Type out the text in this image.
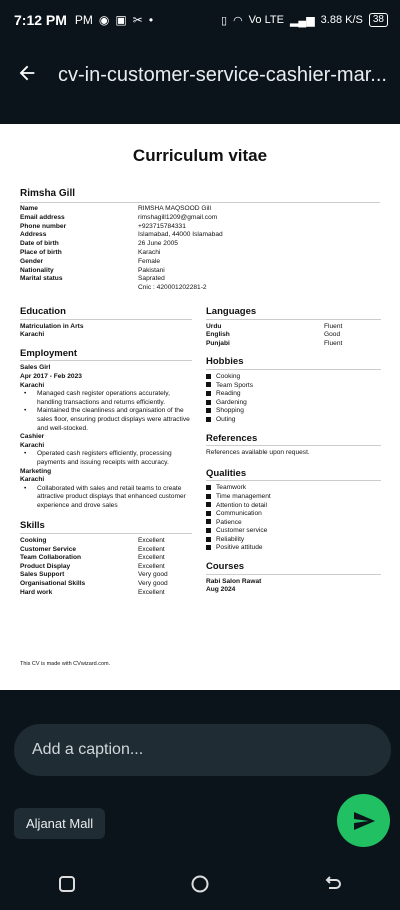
7:12 PM PM ◉ ▣ ✂ •	▯ ◠ Vo LTE ▂▄▆ 3.88 K/S	38
cv-in-customer-service-cashier-mar...
Curriculum vitae
Rimsha Gill
Name	RIMSHA MAQSOOD Gill
Email address	rimshagill1209@gmail.com
Phone number	+923715784331
Address	Islamabad, 44000 Islamabad
Date of birth	26 June 2005
Place of birth	Karachi
Gender	Female
Nationality	Pakistani
Marital status	Saprated
Cnic : 420001202281-2
Education
Matriculation in Arts
Karachi
Employment
Sales Girl
Apr 2017 - Feb 2023
Karachi
•	Managed cash register operations accurately, handling transactions and returns efficiently.
•	Maintained the cleanliness and organisation of the sales floor, ensuring product displays were attractive and well-stocked.
Cashier
Karachi
•	Operated cash registers efficiently, processing payments and issuing receipts with accuracy.
Marketing
Karachi
•	Collaborated with sales and retail teams to create attractive product displays that enhanced customer experience and drove sales
Skills
Cooking	Excellent
Customer Service	Excellent
Team Collaboration	Excellent
Product Display	Excellent
Sales Support	Very good
Organisational Skills	Very good
Hard work	Excellent
Languages
Urdu	Fluent
English	Good
Punjabi	Fluent
Hobbies
Cooking
Team Sports
Reading
Gardening
Shopping
Outing
References
References available upon request.
Qualities
Teamwork
Time management
Attention to detail
Communication
Patience
Customer service
Reliability
Positive attitude
Courses
Rabi Salon Rawat
Aug 2024
This CV is made with CVwizard.com.
Add a caption...
Aljanat Mall
